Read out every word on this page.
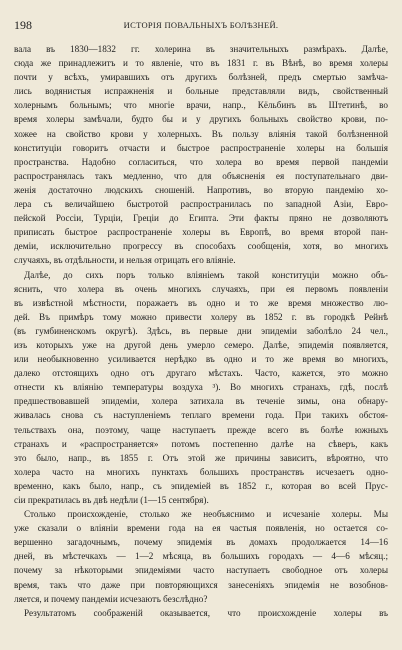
198	ИСТОРІЯ ПОВАЛЬНЫХЪ БОЛѢЗНЕЙ.
вала въ 1830—1832 гг. холерина въ значительныхъ размѣрахъ. Далѣе,
сюда же принадлежитъ и то явленіе, что въ 1831 г. въ Вѣнѣ, во время холеры
почти у всѣхъ, умиравшихъ отъ другихъ болѣзней, предъ смертью замѣча-
лись водянистыя испражненія и больные представляли видъ, свойственный
холернымъ больнымъ; что многіе врачи, напр., Кёльбинъ въ Штетинѣ, во
время холеры замѣчали, будто бы и у другихъ больныхъ свойство крови, по-
хожее на свойство крови у холерныхъ. Въ пользу вліянія такой болѣзненной
конституціи говоритъ отчасти и быстрое распространеніе холеры на большія
пространства. Надобно согласиться, что холера во время первой пандеміи
распространялась такъ медленно, что для объясненія ея поступательнаго дви-
женія достаточно людскихъ сношеній. Напротивъ, во вторую пандемію хо-
лера съ величайшею быстротой распространилась по западной Азіи, Евро-
пейской Россіи, Турціи, Греціи до Египта. Эти факты пряно не дозволяютъ
приписать быстрое распространеніе холеры въ Европѣ, во время второй пан-
деміи, исключительно прогрессу въ способахъ сообщенія, хотя, во многихъ
случаяхъ, въ отдѣльности, и нельзя отрицать его вліяніе.
Далѣе, до сихъ поръ только вліяніемъ такой конституціи можно объ-
яснить, что холера въ очень многихъ случаяхъ, при ея первомъ появленіи
въ извѣстной мѣстности, поражаетъ въ одно и то же время множество лю-
дей. Въ примѣръ тому можно привести холеру въ 1852 г. въ городкѣ Рейнѣ
(въ гумбиненскомъ округѣ). Здѣсь, въ первые дни эпидеміи заболѣло 24 чел.,
изъ которыхъ уже на другой день умерло семеро. Далѣе, эпидемія появляется,
или необыкновенно усиливается нерѣдко въ одно и то же время во многихъ,
далеко отстоящихъ одно отъ другаго мѣстахъ. Часто, кажется, это можно
отнести къ вліянію температуры воздуха ³). Во многихъ странахъ, гдѣ, послѣ
предшествовавшей эпидеміи, холера затихала въ теченіе зимы, она обнару-
живалась снова съ наступленіемъ теплаго времени года. При такихъ обстоя-
тельствахъ она, поэтому, чаще наступаетъ прежде всего въ болѣе южныхъ
странахъ и «распространяется» потомъ постепенно далѣе на сѣверъ, какъ
это было, напр., въ 1855 г. Отъ этой же причины зависитъ, вѣроятно, что
холера часто на многихъ пунктахъ большихъ пространствъ исчезаетъ одно-
временно, какъ было, напр., съ эпидеміей въ 1852 г., которая во всей Прус-
сіи прекратилась въ двѣ недѣли (1—15 сентября).
Столько происхожденіе, столько же необъяснимо и исчезаніе холеры. Мы
уже сказали о вліяніи времени года на ея частыя появленія, но остается со-
вершенно загадочнымъ, почему эпидемія въ домахъ продолжается 14—16
дней, въ мѣстечкахъ — 1—2 мѣсяца, въ большихъ городахъ — 4—6 мѣсяц.;
почему за нѣкоторыми эпидеміями часто наступаетъ свободное отъ холеры
время, такъ что даже при повторяющихся занесеніяхъ эпидемія не возобнов-
ляется, и почему пандеміи исчезаютъ безслѣдно?
Результатомъ соображеній оказывается, что происхожденіе холеры въ
